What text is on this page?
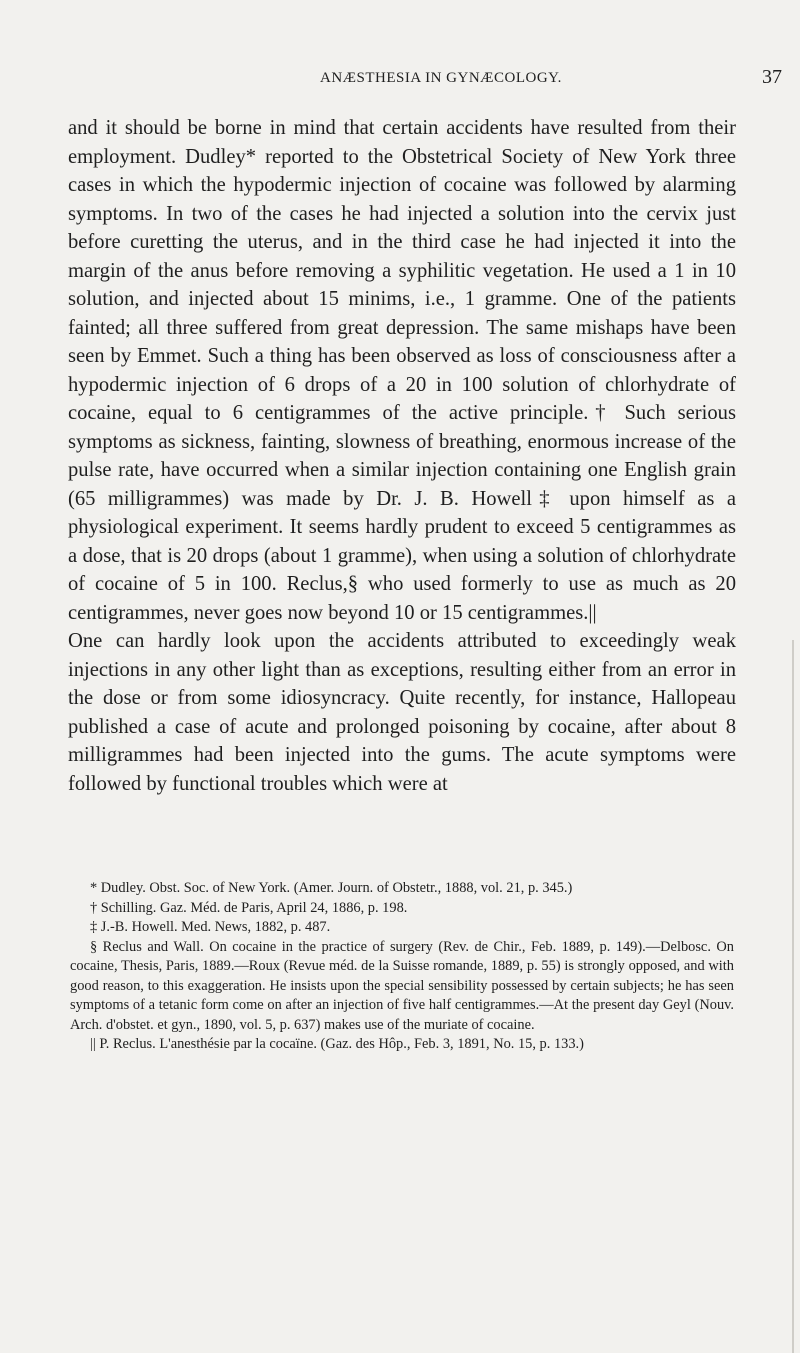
ANÆSTHESIA IN GYNÆCOLOGY.	37

and it should be borne in mind that certain accidents have resulted from their employment. Dudley* reported to the Obstetrical Society of New York three cases in which the hypodermic injection of cocaine was followed by alarming symptoms. In two of the cases he had injected a solution into the cervix just before curetting the uterus, and in the third case he had injected it into the margin of the anus before removing a syphilitic vegetation. He used a 1 in 10 solution, and injected about 15 minims, i.e., 1 gramme. One of the patients fainted; all three suffered from great depression. The same mishaps have been seen by Emmet. Such a thing has been observed as loss of consciousness after a hypodermic injection of 6 drops of a 20 in 100 solution of chlorhydrate of cocaine, equal to 6 centigrammes of the active principle.† Such serious symptoms as sickness, fainting, slowness of breathing, enormous increase of the pulse rate, have occurred when a similar injection containing one English grain (65 milligrammes) was made by Dr. J. B. Howell‡ upon himself as a physiological experiment. It seems hardly prudent to exceed 5 centigrammes as a dose, that is 20 drops (about 1 gramme), when using a solution of chlorhydrate of cocaine of 5 in 100. Reclus,§ who used formerly to use as much as 20 centigrammes, never goes now beyond 10 or 15 centigrammes.||

One can hardly look upon the accidents attributed to exceedingly weak injections in any other light than as exceptions, resulting either from an error in the dose or from some idiosyncracy. Quite recently, for instance, Hallopeau published a case of acute and prolonged poisoning by cocaine, after about 8 milligrammes had been injected into the gums. The acute symptoms were followed by functional troubles which were at

* Dudley. Obst. Soc. of New York. (Amer. Journ. of Obstetr., 1888, vol. 21, p. 345.)

† Schilling. Gaz. Méd. de Paris, April 24, 1886, p. 198.

‡ J.-B. Howell. Med. News, 1882, p. 487.

§ Reclus and Wall. On cocaine in the practice of surgery (Rev. de Chir., Feb. 1889, p. 149).—Delbosc. On cocaine, Thesis, Paris, 1889.—Roux (Revue méd. de la Suisse romande, 1889, p. 55) is strongly opposed, and with good reason, to this exaggeration. He insists upon the special sensibility possessed by certain subjects; he has seen symptoms of a tetanic form come on after an injection of five half centigrammes.—At the present day Geyl (Nouv. Arch. d'obstet. et gyn., 1890, vol. 5, p. 637) makes use of the muriate of cocaine.

|| P. Reclus. L'anesthésie par la cocaïne. (Gaz. des Hôp., Feb. 3, 1891, No. 15, p. 133.)
